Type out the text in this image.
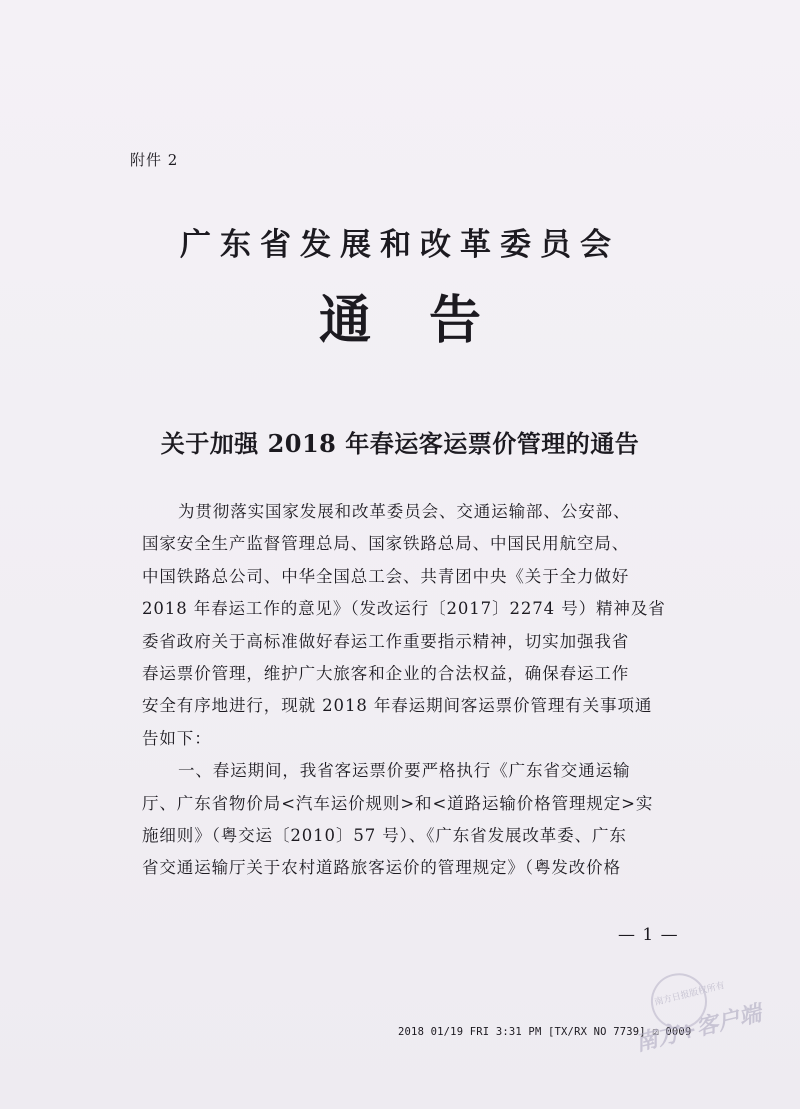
附件 2
广东省发展和改革委员会
通告
关于加强 2018 年春运客运票价管理的通告
为贯彻落实国家发展和改革委员会、交通运输部、公安部、
国家安全生产监督管理总局、国家铁路总局、中国民用航空局、
中国铁路总公司、中华全国总工会、共青团中央《关于全力做好
2018 年春运工作的意见》（发改运行〔2017〕2274 号）精神及省
委省政府关于高标准做好春运工作重要指示精神，切实加强我省
春运票价管理，维护广大旅客和企业的合法权益，确保春运工作
安全有序地进行，现就 2018 年春运期间客运票价管理有关事项通
告如下：
一、春运期间，我省客运票价要严格执行《广东省交通运输
厅、广东省物价局<汽车运价规则>和<道路运输价格管理规定>实
施细则》（粤交运〔2010〕57 号）、《广东省发展改革委、广东
省交通运输厅关于农村道路旅客运价的管理规定》（粤发改价格
— 1 —
2018 01/19 FRI 3:31 PM [TX/RX NO 7739] ☑ 0009
南方日报版权所有
南方+客户端
